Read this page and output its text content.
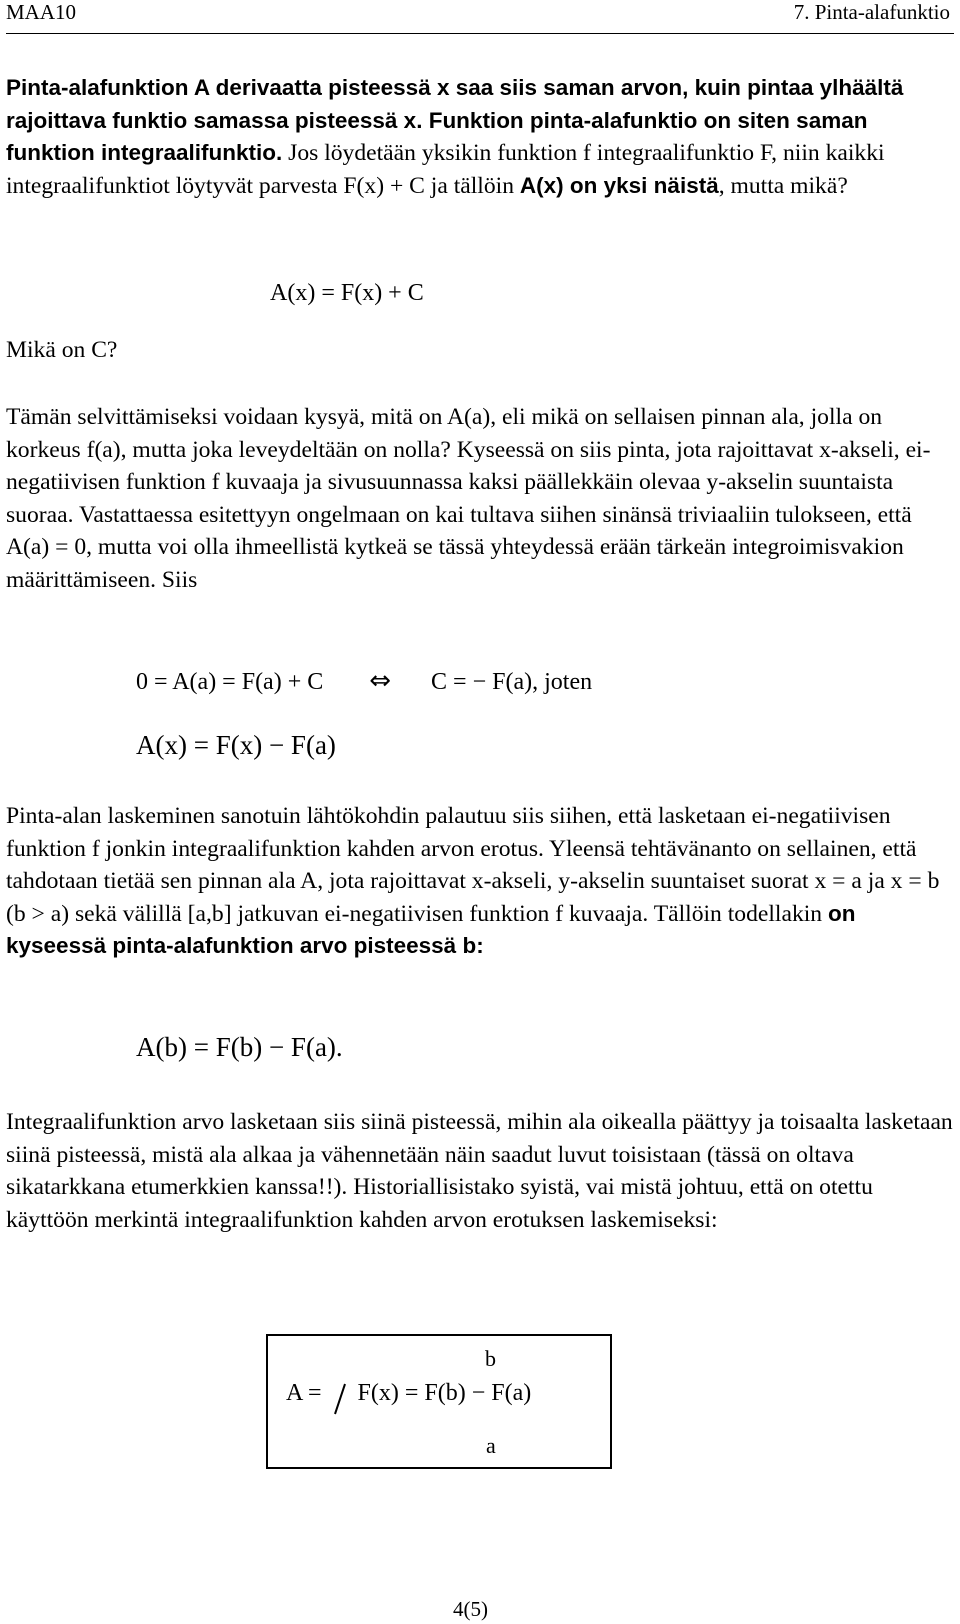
MAA10	7. Pinta-alafunktio

Pinta-alafunktion A derivaatta pisteessä x saa siis saman arvon, kuin pintaa ylhäältä rajoittava funktio samassa pisteessä x. Funktion pinta-alafunktio on siten saman funktion integraalifunktio. Jos löydetään yksikin funktion f integraalifunktio F, niin kaikki integraalifunktiot löytyvät parvesta F(x) + C ja tällöin A(x) on yksi näistä, mutta mikä?

A(x) = F(x) + C
Mikä on C?

Tämän selvittämiseksi voidaan kysyä, mitä on A(a), eli mikä on sellaisen pinnan ala, jolla on korkeus f(a), mutta joka leveydeltään on nolla? Kyseessä on siis pinta, jota rajoittavat x-akseli, ei-negatiivisen funktion f kuvaaja ja sivusuunnassa kaksi päällekkäin olevaa y-akselin suuntaista suoraa. Vastattaessa esitettyyn ongelmaan on kai tultava siihen sinänsä triviaaliin tulokseen, että A(a) = 0, mutta voi olla ihmeellistä kytkeä se tässä yhteydessä erään tärkeän integroimisvakion määrittämiseen. Siis

0 = A(a) = F(a) + C ⇔ C = − F(a), joten
A(x) = F(x) − F(a)

Pinta-alan laskeminen sanotuin lähtökohdin palautuu siis siihen, että lasketaan ei-negatiivisen funktion f jonkin integraalifunktion kahden arvon erotus. Yleensä tehtävänanto on sellainen, että tahdotaan tietää sen pinnan ala A, jota rajoittavat x-akseli, y-akselin suuntaiset suorat x = a ja x = b (b > a) sekä välillä [a,b] jatkuvan ei-negatiivisen funktion f kuvaaja. Tällöin todellakin on kyseessä pinta-alafunktion arvo pisteessä b:

A(b) = F(b) − F(a).

Integraalifunktion arvo lasketaan siis siinä pisteessä, mihin ala oikealla päättyy ja toisaalta lasketaan siinä pisteessä, mistä ala alkaa ja vähennetään näin saadut luvut toisistaan (tässä on oltava sikatarkkana etumerkkien kanssa!!). Historiallisistako syistä, vai mistä johtuu, että on otettu käyttöön merkintä integraalifunktion kahden arvon erotuksen laskemiseksi:

b
A = F(x) = F(b) − F(a)
a
4(5)
